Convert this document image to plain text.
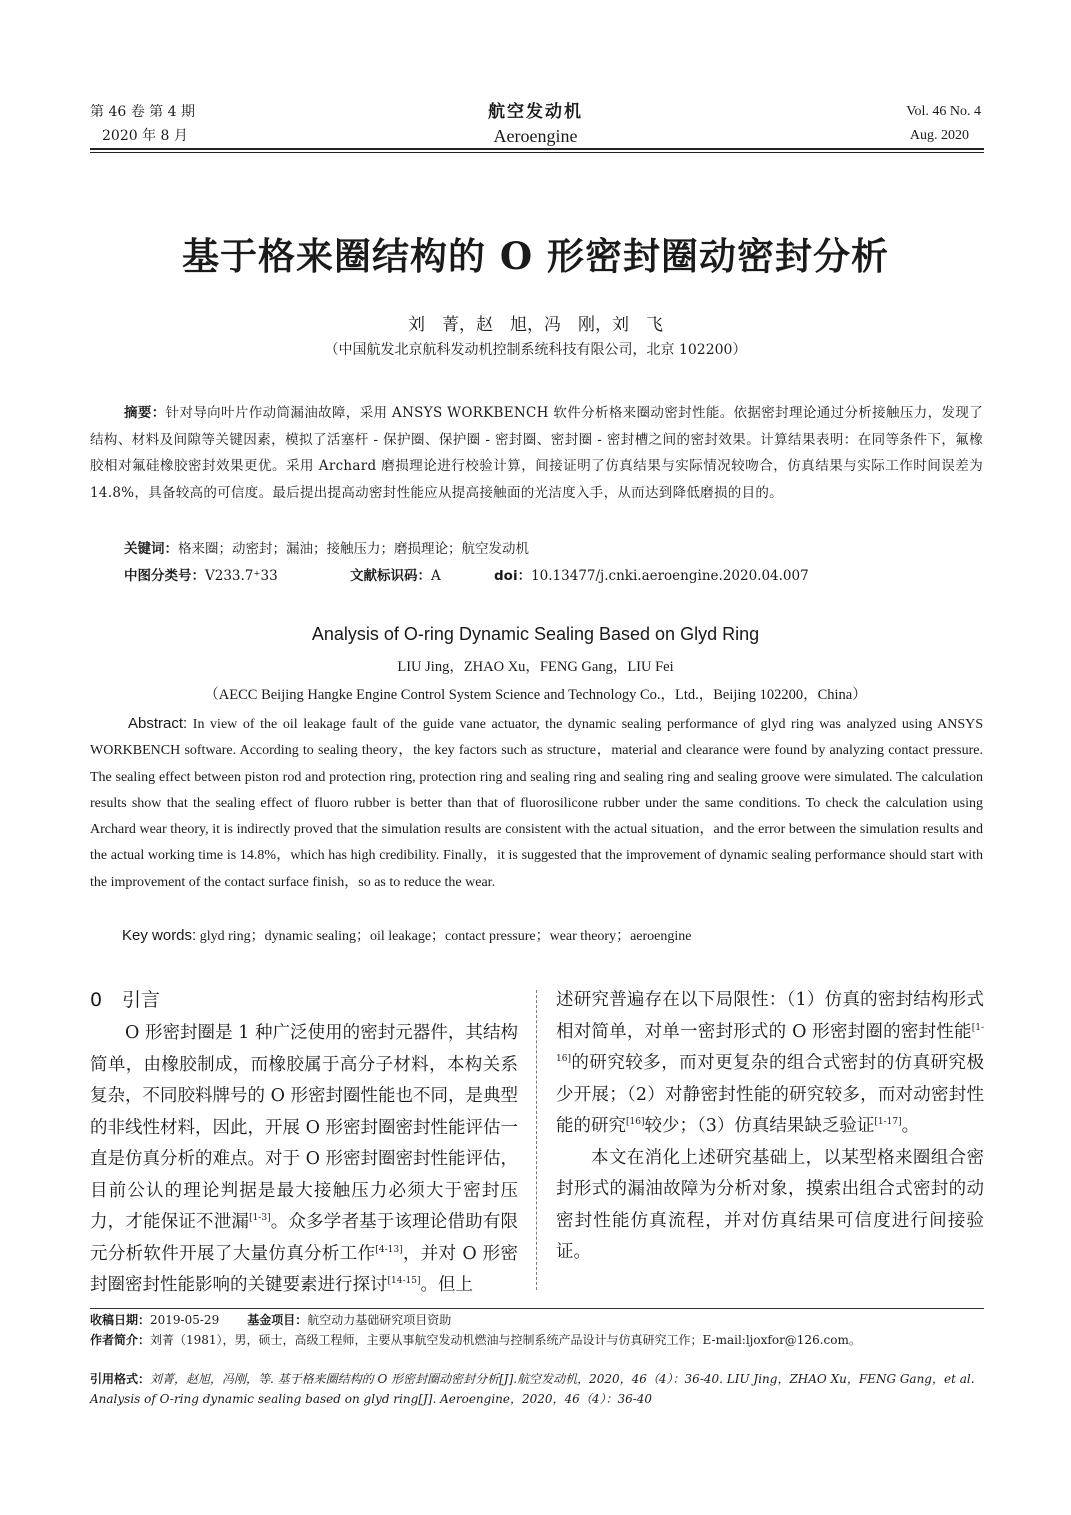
第 46 卷 第 4 期
2020 年 8 月
航空发动机
Aeroengine
Vol. 46 No. 4
Aug. 2020
基于格来圈结构的 O 形密封圈动密封分析
刘　菁，赵　旭，冯　刚，刘　飞
（中国航发北京航科发动机控制系统科技有限公司，北京 102200）
摘要：针对导向叶片作动筒漏油故障，采用 ANSYS WORKBENCH 软件分析格来圈动密封性能。依据密封理论通过分析接触压力，发现了结构、材料及间隙等关键因素，模拟了活塞杆 - 保护圈、保护圈 - 密封圈、密封圈 - 密封槽之间的密封效果。计算结果表明：在同等条件下，氟橡胶相对氟硅橡胶密封效果更优。采用 Archard 磨损理论进行校验计算，间接证明了仿真结果与实际情况较吻合，仿真结果与实际工作时间误差为 14.8%，具备较高的可信度。最后提出提高动密封性能应从提高接触面的光洁度入手，从而达到降低磨损的目的。
关键词：格来圈；动密封；漏油；接触压力；磨损理论；航空发动机
中图分类号：V233.7⁺33	文献标识码：A	doi：10.13477/j.cnki.aeroengine.2020.04.007
Analysis of O-ring Dynamic Sealing Based on Glyd Ring
LIU Jing，ZHAO Xu，FENG Gang，LIU Fei
（AECC Beijing Hangke Engine Control System Science and Technology Co.，Ltd.，Beijing 102200，China）
Abstract: In view of the oil leakage fault of the guide vane actuator, the dynamic sealing performance of glyd ring was analyzed using ANSYS WORKBENCH software. According to sealing theory，the key factors such as structure，material and clearance were found by analyzing contact pressure. The sealing effect between piston rod and protection ring, protection ring and sealing ring and sealing ring and sealing groove were simulated. The calculation results show that the sealing effect of fluoro rubber is better than that of fluorosilicone rubber under the same conditions. To check the calculation using Archard wear theory, it is indirectly proved that the simulation results are consistent with the actual situation，and the error between the simulation results and the actual working time is 14.8%，which has high credibility. Finally，it is suggested that the improvement of dynamic sealing performance should start with the improvement of the contact surface finish，so as to reduce the wear.
Key words: glyd ring；dynamic sealing；oil leakage；contact pressure；wear theory；aeroengine
0 引言

O 形密封圈是 1 种广泛使用的密封元器件，其结构简单，由橡胶制成，而橡胶属于高分子材料，本构关系复杂，不同胶料牌号的 O 形密封圈性能也不同，是典型的非线性材料，因此，开展 O 形密封圈密封性能评估一直是仿真分析的难点。对于 O 形密封圈密封性能评估，目前公认的理论判据是最大接触压力必须大于密封压力，才能保证不泄漏[1-3]。众多学者基于该理论借助有限元分析软件开展了大量仿真分析工作[4-13]，并对 O 形密封圈密封性能影响的关键要素进行探讨[14-15]。但上

述研究普遍存在以下局限性：（1）仿真的密封结构形式相对简单，对单一密封形式的 O 形密封圈的密封性能[1-16]的研究较多，而对更复杂的组合式密封的仿真研究极少开展；（2）对静密封性能的研究较多，而对动密封性能的研究[16]较少；（3）仿真结果缺乏验证[1-17]。

本文在消化上述研究基础上，以某型格来圈组合密封形式的漏油故障为分析对象，摸索出组合式密封的动密封性能仿真流程，并对仿真结果可信度进行间接验证。

收稿日期：2019-05-29 基金项目：航空动力基础研究项目资助
作者简介：刘菁（1981），男，硕士，高级工程师，主要从事航空发动机燃油与控制系统产品设计与仿真研究工作；E-mail:ljoxfor@126.com。
引用格式：刘菁，赵旭，冯刚，等. 基于格来圈结构的 O 形密封圈动密封分析[J].航空发动机，2020，46（4）：36-40. LIU Jing，ZHAO Xu，FENG Gang，et al. Analysis of O-ring dynamic sealing based on glyd ring[J]. Aeroengine，2020，46（4）：36-40
